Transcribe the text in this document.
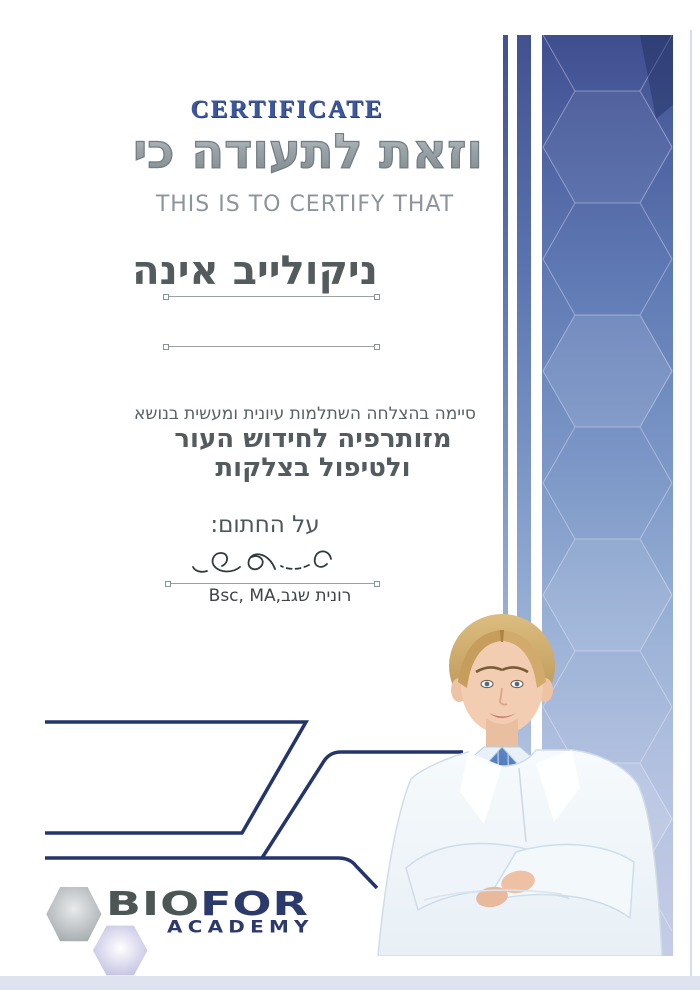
CERTIFICATE
וזאת לתעודה כי
THIS IS TO CERTIFY THAT
ניקולייב אינה
סיימה בהצלחה השתלמות עיונית ומעשית בנושא
מזותרפיה לחידוש העור
ולטיפול בצלקות
על החתום:
רונית שגב,Bsc, MA
BIOFOR
ACADEMY
